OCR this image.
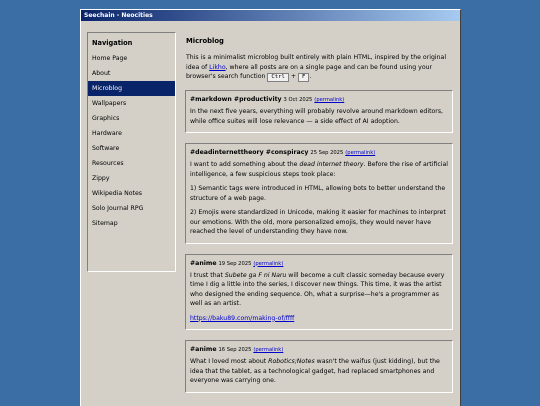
Seechain - Neocities
Navigation
Home Page
About
Microblog
Wallpapers
Graphics
Hardware
Software
Resources
Zippy
Wikipedia Notes
Solo Journal RPG
Sitemap
Microblog

This is a minimalist microblog built entirely with plain HTML, inspired by the original idea of Likho, where all posts are on a single page and can be found using your browser's search function Ctrl + F .

#markdown #productivity 3 Oct 2025 (permalink)

In the next five years, everything will probably revolve around markdown editors, while office suites will lose relevance — a side effect of AI adoption.

#deadinternettheory #conspiracy 25 Sep 2025 (permalink)

I want to add something about the dead internet theory. Before the rise of artificial intelligence, a few suspicious steps took place:

1) Semantic tags were introduced in HTML, allowing bots to better understand the structure of a web page.

2) Emojis were standardized in Unicode, making it easier for machines to interpret our emotions. With the old, more personalized emojis, they would never have reached the level of understanding they have now.

#anime 19 Sep 2025 (permalink)

I trust that Subete ga F ni Naru will become a cult classic someday because every time I dig a little into the series, I discover new things. This time, it was the artist who designed the ending sequence. Oh, what a surprise—he's a programmer as well as an artist.

https://baku89.com/making-of/ffff

#anime 16 Sep 2025 (permalink)

What I loved most about Robotics;Notes wasn't the waifus (just kidding), but the idea that the tablet, as a technological gadget, had replaced smartphones and everyone was carrying one.
